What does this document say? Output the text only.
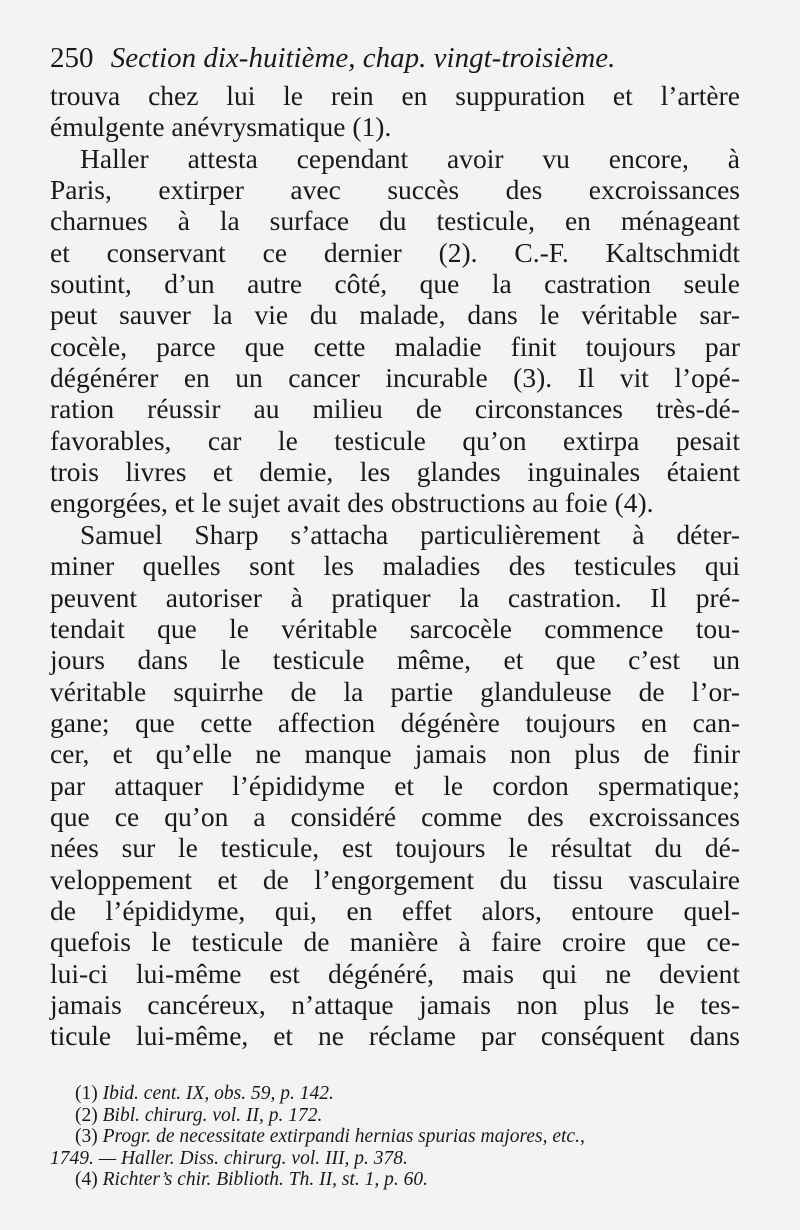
250 Section dix-huitième, chap. vingt-troisième.
trouva chez lui le rein en suppuration et l’artère
émulgente anévrysmatique (1).
Haller attesta cependant avoir vu encore, à
Paris, extirper avec succès des excroissances
charnues à la surface du testicule, en ménageant
et conservant ce dernier (2). C.-F. Kaltschmidt
soutint, d’un autre côté, que la castration seule
peut sauver la vie du malade, dans le véritable sar-
cocèle, parce que cette maladie finit toujours par
dégénérer en un cancer incurable (3). Il vit l’opé-
ration réussir au milieu de circonstances très-dé-
favorables, car le testicule qu’on extirpa pesait
trois livres et demie, les glandes inguinales étaient
engorgées, et le sujet avait des obstructions au foie (4).
Samuel Sharp s’attacha particulièrement à déter-
miner quelles sont les maladies des testicules qui
peuvent autoriser à pratiquer la castration. Il pré-
tendait que le véritable sarcocèle commence tou-
jours dans le testicule même, et que c’est un
véritable squirrhe de la partie glanduleuse de l’or-
gane; que cette affection dégénère toujours en can-
cer, et qu’elle ne manque jamais non plus de finir
par attaquer l’épididyme et le cordon spermatique;
que ce qu’on a considéré comme des excroissances
nées sur le testicule, est toujours le résultat du dé-
veloppement et de l’engorgement du tissu vasculaire
de l’épididyme, qui, en effet alors, entoure quel-
quefois le testicule de manière à faire croire que ce-
lui-ci lui-même est dégénéré, mais qui ne devient
jamais cancéreux, n’attaque jamais non plus le tes-
ticule lui-même, et ne réclame par conséquent dans
(1) Ibid. cent. IX, obs. 59, p. 142.
(2) Bibl. chirurg. vol. II, p. 172.
(3) Progr. de necessitate extirpandi hernias spurias majores, etc.,
1749. — Haller. Diss. chirurg. vol. III, p. 378.
(4) Richter’s chir. Biblioth. Th. II, st. 1, p. 60.
